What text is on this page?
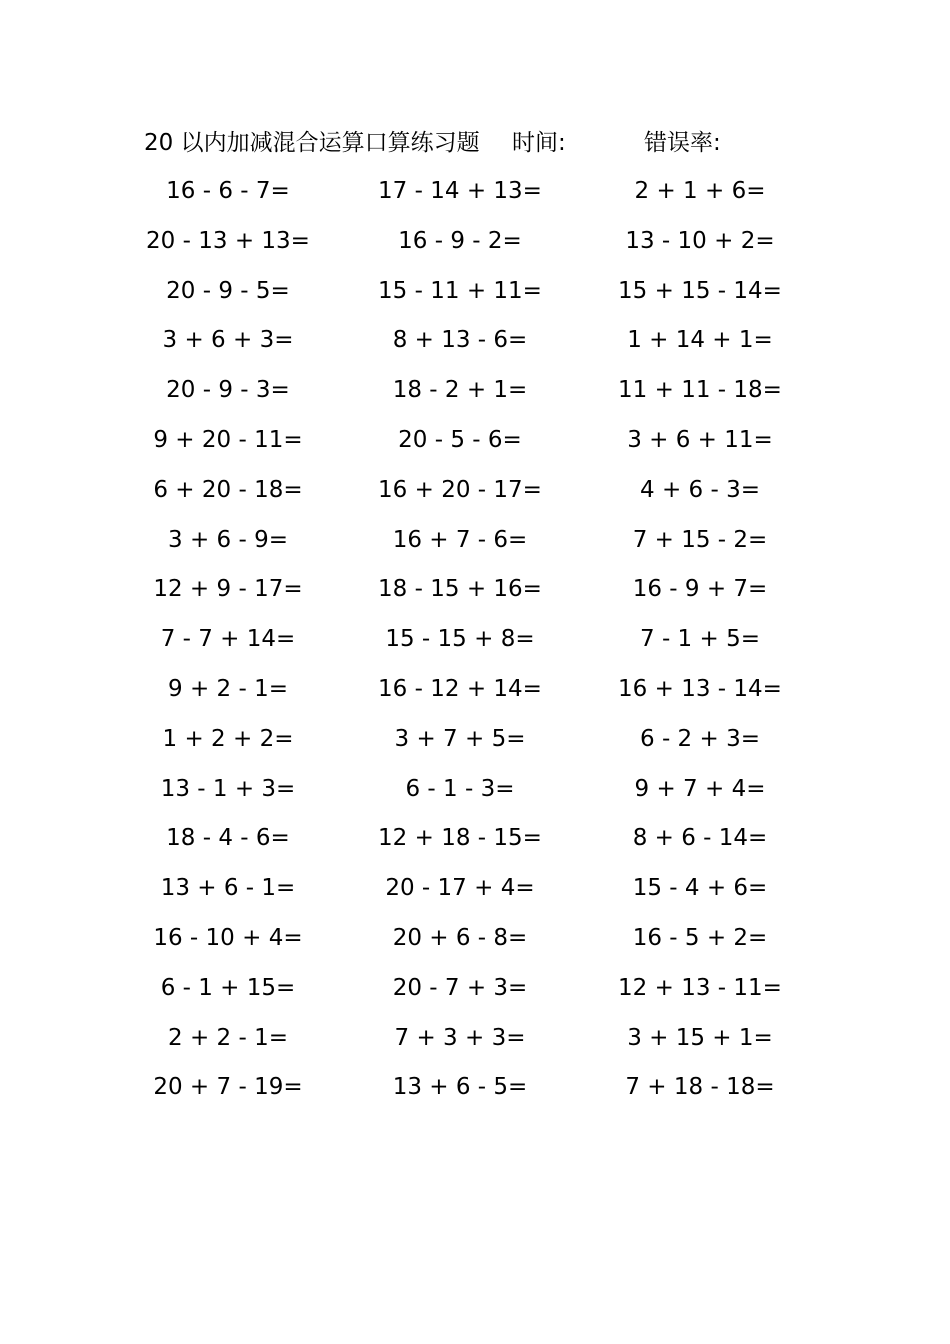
20 以内加减混合运算口算练习题 时间:	错误率:
16 - 6 - 7=	17 - 14 + 13=	2 + 1 + 6=
20 - 13 + 13=	16 - 9 - 2=	13 - 10 + 2=
20 - 9 - 5=	15 - 11 + 11=	15 + 15 - 14=
3 + 6 + 3=	8 + 13 - 6=	1 + 14 + 1=
20 - 9 - 3=	18 - 2 + 1=	11 + 11 - 18=
9 + 20 - 11=	20 - 5 - 6=	3 + 6 + 11=
6 + 20 - 18=	16 + 20 - 17=	4 + 6 - 3=
3 + 6 - 9=	16 + 7 - 6=	7 + 15 - 2=
12 + 9 - 17=	18 - 15 + 16=	16 - 9 + 7=
7 - 7 + 14=	15 - 15 + 8=	7 - 1 + 5=
9 + 2 - 1=	16 - 12 + 14=	16 + 13 - 14=
1 + 2 + 2=	3 + 7 + 5=	6 - 2 + 3=
13 - 1 + 3=	6 - 1 - 3=	9 + 7 + 4=
18 - 4 - 6=	12 + 18 - 15=	8 + 6 - 14=
13 + 6 - 1=	20 - 17 + 4=	15 - 4 + 6=
16 - 10 + 4=	20 + 6 - 8=	16 - 5 + 2=
6 - 1 + 15=	20 - 7 + 3=	12 + 13 - 11=
2 + 2 - 1=	7 + 3 + 3=	3 + 15 + 1=
20 + 7 - 19=	13 + 6 - 5=	7 + 18 - 18=
